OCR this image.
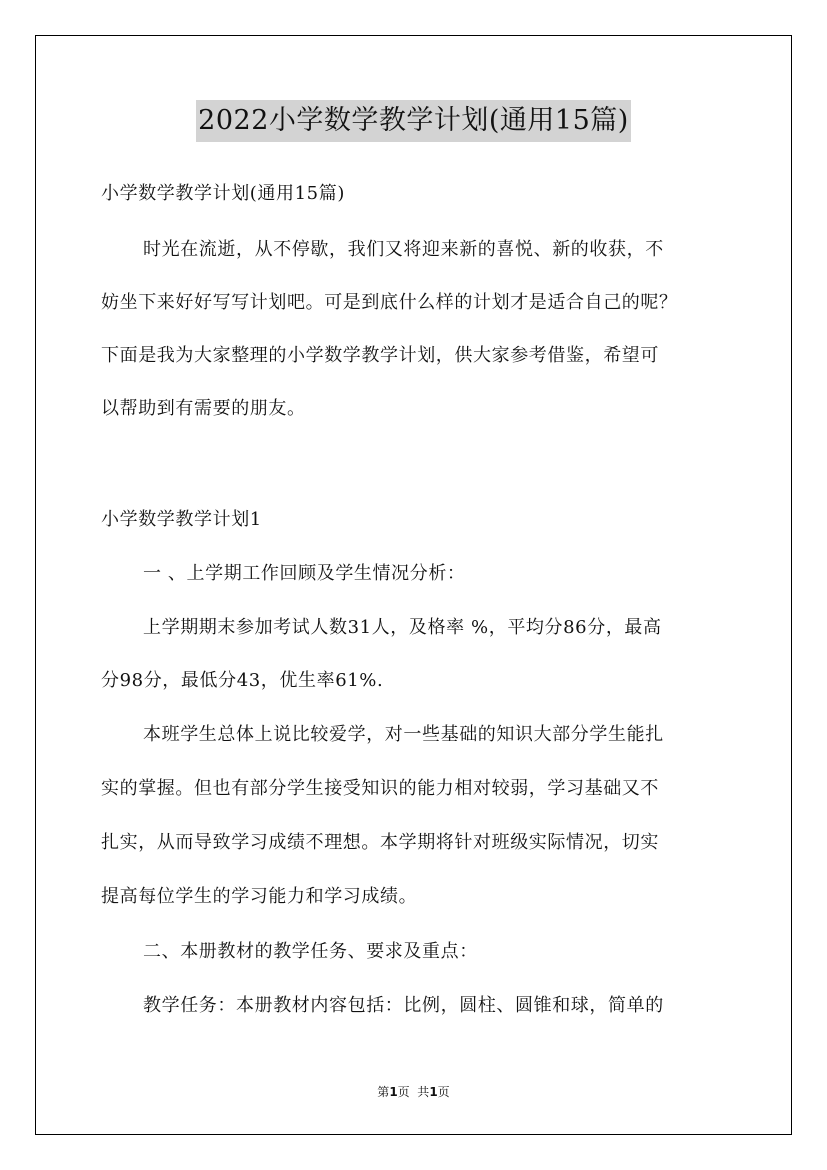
2022小学数学教学计划(通用15篇)
小学数学教学计划(通用15篇)
时光在流逝，从不停歇，我们又将迎来新的喜悦、新的收获，不
妨坐下来好好写写计划吧。可是到底什么样的计划才是适合自己的呢？
下面是我为大家整理的小学数学教学计划，供大家参考借鉴，希望可
以帮助到有需要的朋友。
小学数学教学计划1
一 、上学期工作回顾及学生情况分析：
上学期期末参加考试人数31人，及格率 %，平均分86分，最高
分98分，最低分43，优生率61%.
本班学生总体上说比较爱学，对一些基础的知识大部分学生能扎
实的掌握。但也有部分学生接受知识的能力相对较弱，学习基础又不
扎实，从而导致学习成绩不理想。本学期将针对班级实际情况，切实
提高每位学生的学习能力和学习成绩。
二、本册教材的教学任务、要求及重点：
教学任务：本册教材内容包括：比例，圆柱、圆锥和球，简单的
第1页  共1页
